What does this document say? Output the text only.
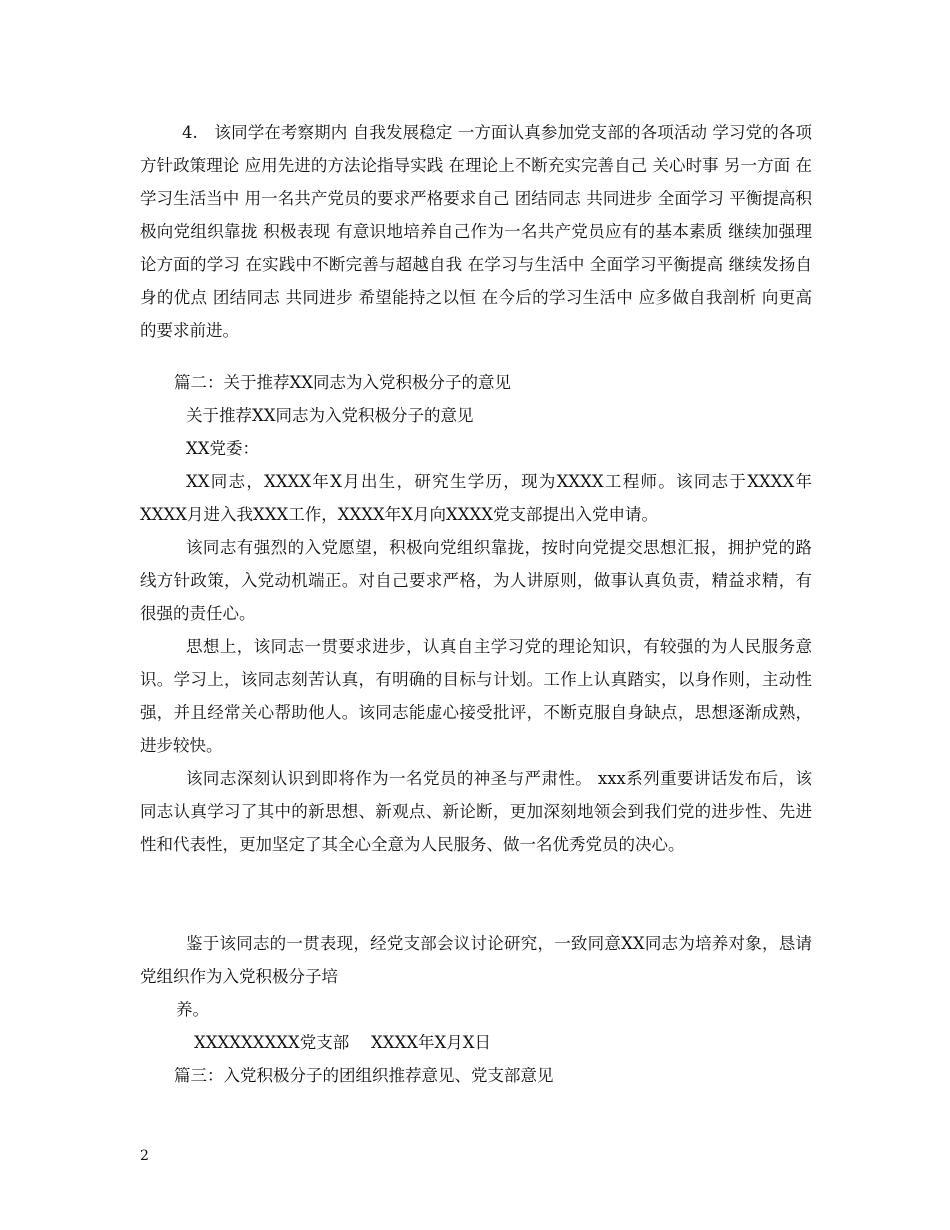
4.　该同学在考察期内 自我发展稳定 一方面认真参加党支部的各项活动 学习党的各项方针政策理论 应用先进的方法论指导实践 在理论上不断充实完善自己 关心时事 另一方面 在学习生活当中 用一名共产党员的要求严格要求自己 团结同志 共同进步 全面学习 平衡提高积极向党组织靠拢 积极表现 有意识地培养自己作为一名共产党员应有的基本素质 继续加强理论方面的学习 在实践中不断完善与超越自我 在学习与生活中 全面学习平衡提高 继续发扬自身的优点 团结同志 共同进步 希望能持之以恒 在今后的学习生活中 应多做自我剖析 向更高的要求前进。
篇二：关于推荐XX同志为入党积极分子的意见
关于推荐XX同志为入党积极分子的意见
XX党委：
XX同志，XXXX年X月出生，研究生学历，现为XXXX工程师。该同志于XXXX年XXXX月进入我XXX工作，XXXX年X月向XXXX党支部提出入党申请。
该同志有强烈的入党愿望，积极向党组织靠拢，按时向党提交思想汇报，拥护党的路线方针政策，入党动机端正。对自己要求严格，为人讲原则，做事认真负责，精益求精，有很强的责任心。
思想上，该同志一贯要求进步，认真自主学习党的理论知识，有较强的为人民服务意识。学习上，该同志刻苦认真，有明确的目标与计划。工作上认真踏实，以身作则，主动性强，并且经常关心帮助他人。该同志能虚心接受批评，不断克服自身缺点，思想逐渐成熟，进步较快。
该同志深刻认识到即将作为一名党员的神圣与严肃性。 xxx系列重要讲话发布后，该同志认真学习了其中的新思想、新观点、新论断，更加深刻地领会到我们党的进步性、先进性和代表性，更加坚定了其全心全意为人民服务、做一名优秀党员的决心。
鉴于该同志的一贯表现，经党支部会议讨论研究，一致同意XX同志为培养对象，恳请党组织作为入党积极分子培
养。
XXXXXXXXX党支部　 XXXX年X月X日
篇三：入党积极分子的团组织推荐意见、党支部意见
2
